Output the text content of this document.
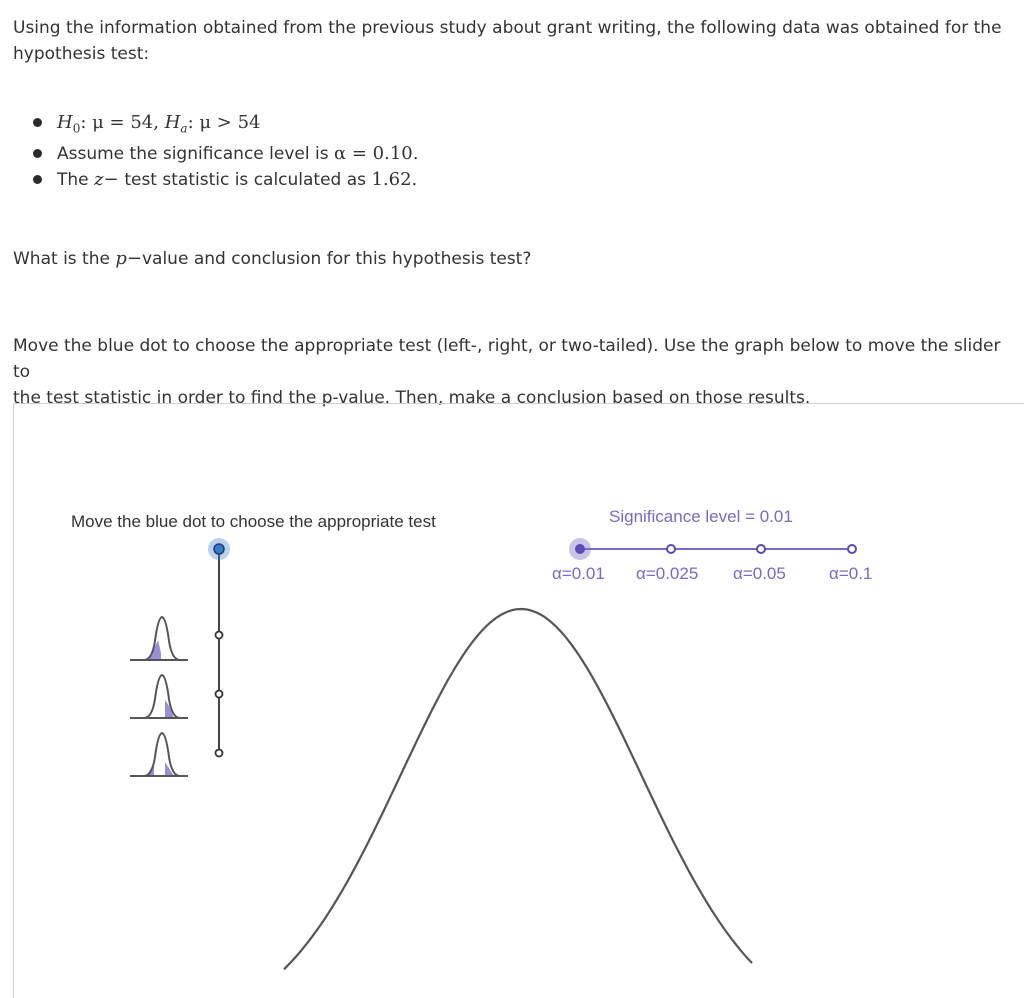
Using the information obtained from the previous study about grant writing, the following data was obtained for the
hypothesis test:
$H_0$: μ = 54, $H_a$: μ > 54
Assume the significance level is α = 0.10.
The z− test statistic is calculated as 1.62.
What is the p−value and conclusion for this hypothesis test?
Move the blue dot to choose the appropriate test (left-, right, or two-tailed). Use the graph below to move the slider to
the test statistic in order to find the p-value. Then, make a conclusion based on those results.
Move the blue dot to choose the appropriate test	Significance level = 0.01
α=0.01 α=0.025 α=0.05	α=0.1
